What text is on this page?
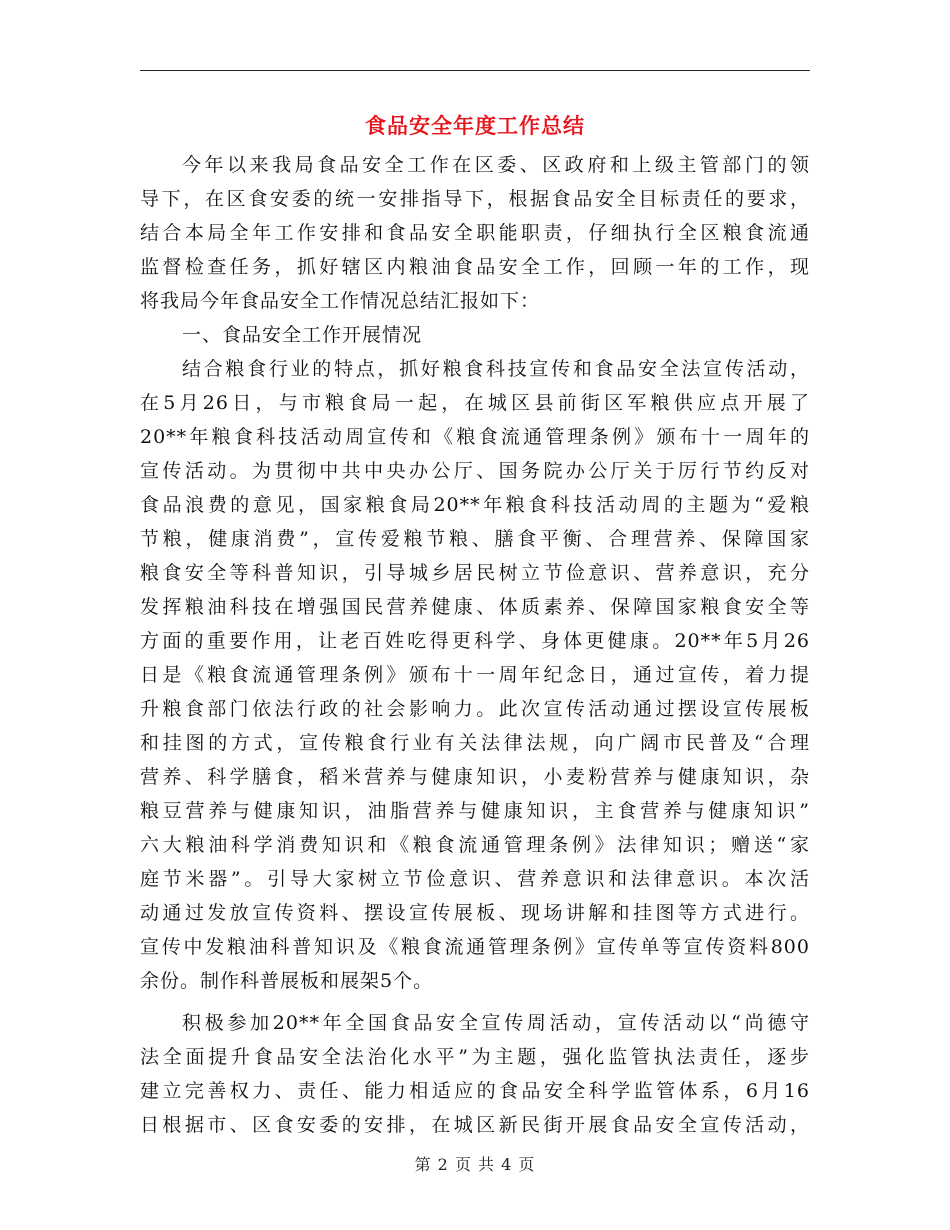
食品安全年度工作总结
今年以来我局食品安全工作在区委、区政府和上级主管部门的领
导下，在区食安委的统一安排指导下，根据食品安全目标责任的要求，
结合本局全年工作安排和食品安全职能职责，仔细执行全区粮食流通
监督检查任务，抓好辖区内粮油食品安全工作，回顾一年的工作，现
将我局今年食品安全工作情况总结汇报如下：
一、食品安全工作开展情况
结合粮食行业的特点，抓好粮食科技宣传和食品安全法宣传活动，
在5月26日，与市粮食局一起，在城区县前街区军粮供应点开展了
20**年粮食科技活动周宣传和《粮食流通管理条例》颁布十一周年的
宣传活动。为贯彻中共中央办公厅、国务院办公厅关于厉行节约反对
食品浪费的意见，国家粮食局20**年粮食科技活动周的主题为“爱粮
节粮，健康消费”，宣传爱粮节粮、膳食平衡、合理营养、保障国家
粮食安全等科普知识，引导城乡居民树立节俭意识、营养意识，充分
发挥粮油科技在增强国民营养健康、体质素养、保障国家粮食安全等
方面的重要作用，让老百姓吃得更科学、身体更健康。20**年5月26
日是《粮食流通管理条例》颁布十一周年纪念日，通过宣传，着力提
升粮食部门依法行政的社会影响力。此次宣传活动通过摆设宣传展板
和挂图的方式，宣传粮食行业有关法律法规，向广阔市民普及“合理
营养、科学膳食，稻米营养与健康知识，小麦粉营养与健康知识，杂
粮豆营养与健康知识，油脂营养与健康知识，主食营养与健康知识”
六大粮油科学消费知识和《粮食流通管理条例》法律知识；赠送“家
庭节米器”。引导大家树立节俭意识、营养意识和法律意识。本次活
动通过发放宣传资料、摆设宣传展板、现场讲解和挂图等方式进行。
宣传中发粮油科普知识及《粮食流通管理条例》宣传单等宣传资料800
余份。制作科普展板和展架5个。
积极参加20**年全国食品安全宣传周活动，宣传活动以“尚德守
法全面提升食品安全法治化水平”为主题，强化监管执法责任，逐步
建立完善权力、责任、能力相适应的食品安全科学监管体系，6月16
日根据市、区食安委的安排，在城区新民街开展食品安全宣传活动，
第 2 页 共 4 页
